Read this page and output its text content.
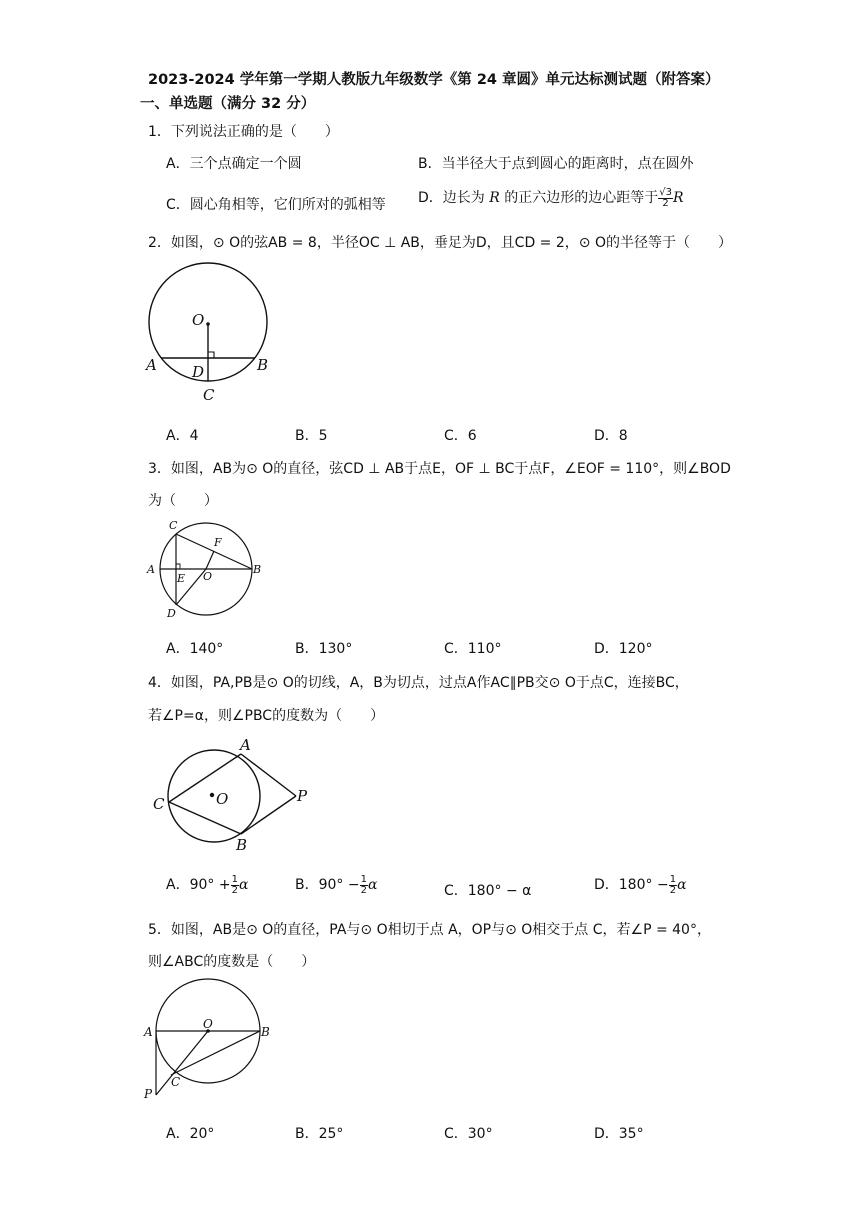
2023-2024 学年第一学期人教版九年级数学《第 24 章圆》单元达标测试题（附答案）
一、单选题（满分 32 分）
1．下列说法正确的是（　　）
A．三个点确定一个圆	B．当半径大于点到圆心的距离时，点在圆外
C．圆心角相等，它们所对的弧相等 D．边长为 R 的正六边形的边心距等于 $\frac{√3}{2}$ R
2．如图，⊙ O的弦AB = 8，半径OC ⊥ AB，垂足为D，且CD = 2，⊙ O的半径等于（　　）
O
A	B
D
C
A．4	B．5	C．6	D．8
3．如图，AB为⊙ O的直径，弦CD ⊥ AB于点E，OF ⊥ BC于点F，∠EOF = 110°，则∠BOD
为（　　）
C
F
A	B
E O
D
A．140°	B．130°	C．110°	D．120°
4．如图，PA,PB是⊙ O的切线，A，B为切点，过点A作AC∥PB交⊙ O于点C，连接BC，
若∠P=α，则∠PBC的度数为（　　）
A
P
C	O
B
A．$90^\circ + \frac{1}{2}$ α	B．$90^\circ - \frac{1}{2}$ α	C．180° − α	D．$180^\circ - \frac{1}{2}$ α
5．如图，AB是⊙ O的直径，PA与⊙ O相切于点 A，OP与⊙ O相交于点 C，若∠P = 40°，
则∠ABC的度数是（　　）
O
A	B
C
P
A．20°	B．25°	C．30°	D．35°
